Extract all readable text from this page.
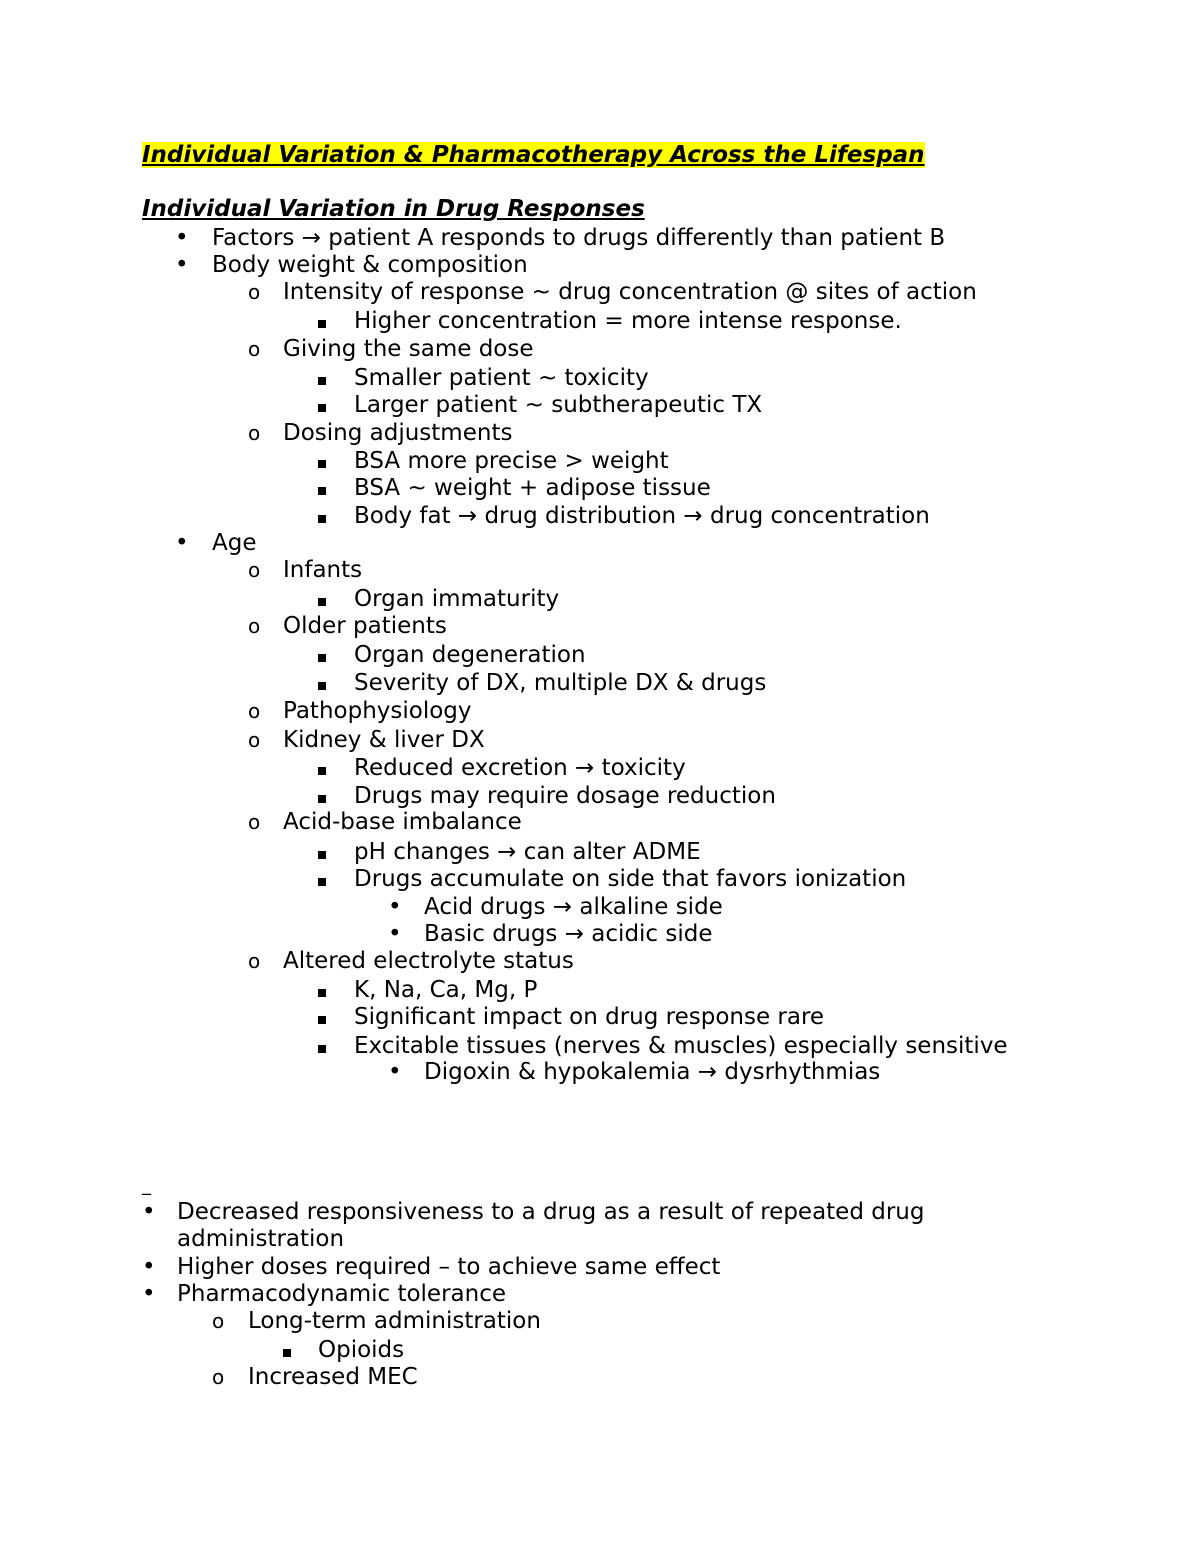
Individual Variation & Pharmacotherapy Across the Lifespan
Individual Variation in Drug Responses
• Factors → patient A responds to drugs differently than patient B
• Body weight & composition
o Intensity of response ~ drug concentration @ sites of action
Higher concentration = more intense response.
o Giving the same dose
Smaller patient ~ toxicity
Larger patient ~ subtherapeutic TX
o Dosing adjustments
BSA more precise > weight
BSA ~ weight + adipose tissue
Body fat → drug distribution → drug concentration
• Age
o Infants
Organ immaturity
o Older patients
Organ degeneration
Severity of DX, multiple DX & drugs
o Pathophysiology
o Kidney & liver DX
Reduced excretion → toxicity
Drugs may require dosage reduction
o Acid-base imbalance
pH changes → can alter ADME
Drugs accumulate on side that favors ionization
• Acid drugs → alkaline side
• Basic drugs → acidic side
o Altered electrolyte status
K, Na, Ca, Mg, P
Significant impact on drug response rare
Excitable tissues (nerves & muscles) especially sensitive
• Digoxin & hypokalemia → dysrhythmias
_
• Decreased responsiveness to a drug as a result of repeated drug
administration
• Higher doses required – to achieve same effect
• Pharmacodynamic tolerance
o Long-term administration
Opioids
o Increased MEC
